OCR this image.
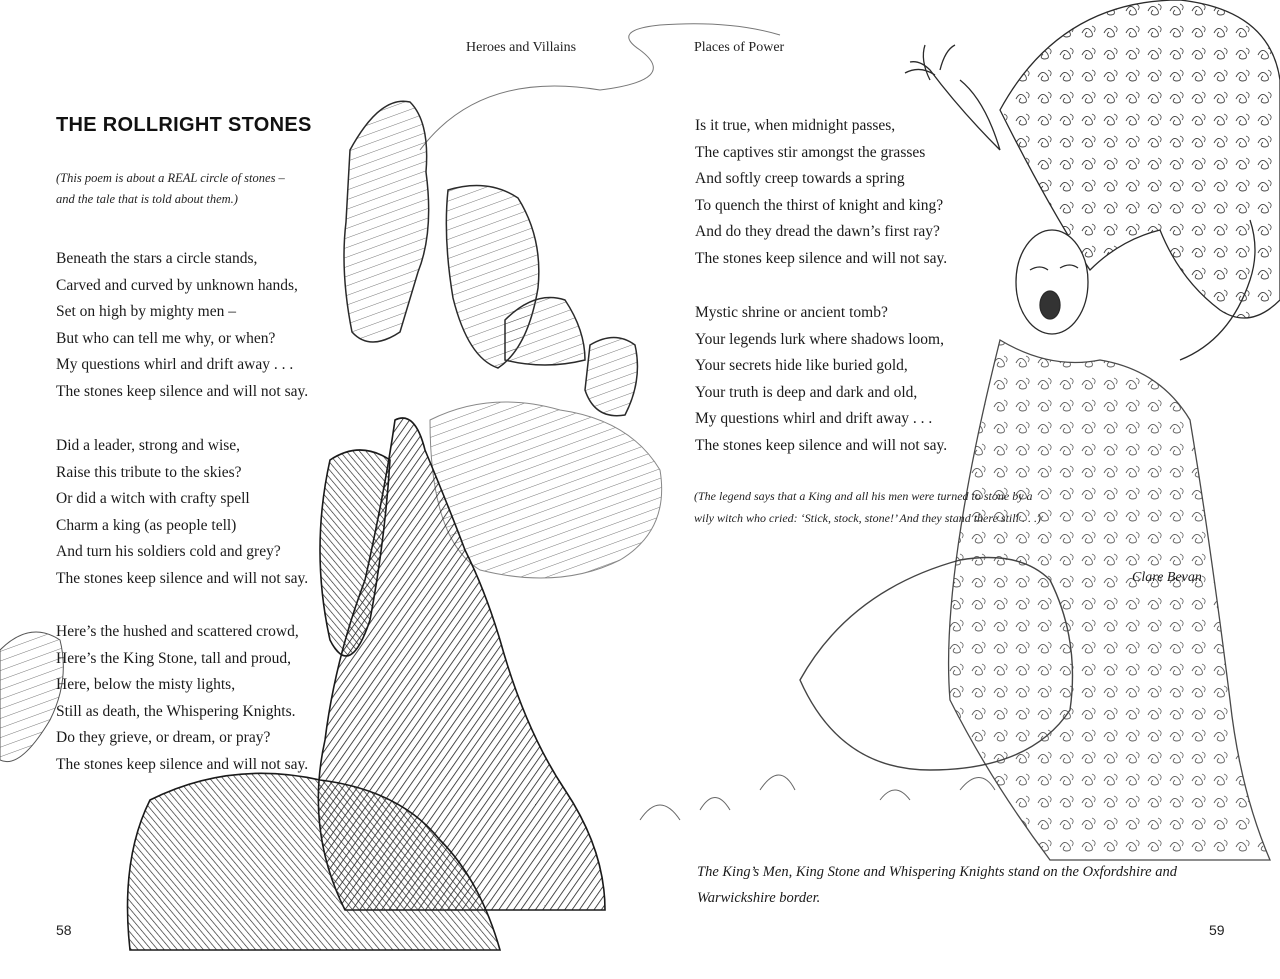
Heroes and Villains	Places of Power
THE ROLLRIGHT STONES
(This poem is about a REAL circle of stones –
and the tale that is told about them.)
Beneath the stars a circle stands,
Carved and curved by unknown hands,
Set on high by mighty men –
But who can tell me why, or when?
My questions whirl and drift away . . .
The stones keep silence and will not say.
Did a leader, strong and wise,
Raise this tribute to the skies?
Or did a witch with crafty spell
Charm a king (as people tell)
And turn his soldiers cold and grey?
The stones keep silence and will not say.
Here’s the hushed and scattered crowd,
Here’s the King Stone, tall and proud,
Here, below the misty lights,
Still as death, the Whispering Knights.
Do they grieve, or dream, or pray?
The stones keep silence and will not say.
Is it true, when midnight passes,
The captives stir amongst the grasses
And softly creep towards a spring
To quench the thirst of knight and king?
And do they dread the dawn’s first ray?
The stones keep silence and will not say.
Mystic shrine or ancient tomb?
Your legends lurk where shadows loom,
Your secrets hide like buried gold,
Your truth is deep and dark and old,
My questions whirl and drift away . . .
The stones keep silence and will not say.
(The legend says that a King and all his men were turned to stone by a
wily witch who cried: ‘Stick, stock, stone!’ And they stand there still . . .)
Clare Bevan
The King’s Men, King Stone and Whispering Knights stand on the Oxfordshire and
Warwickshire border.
58	59
